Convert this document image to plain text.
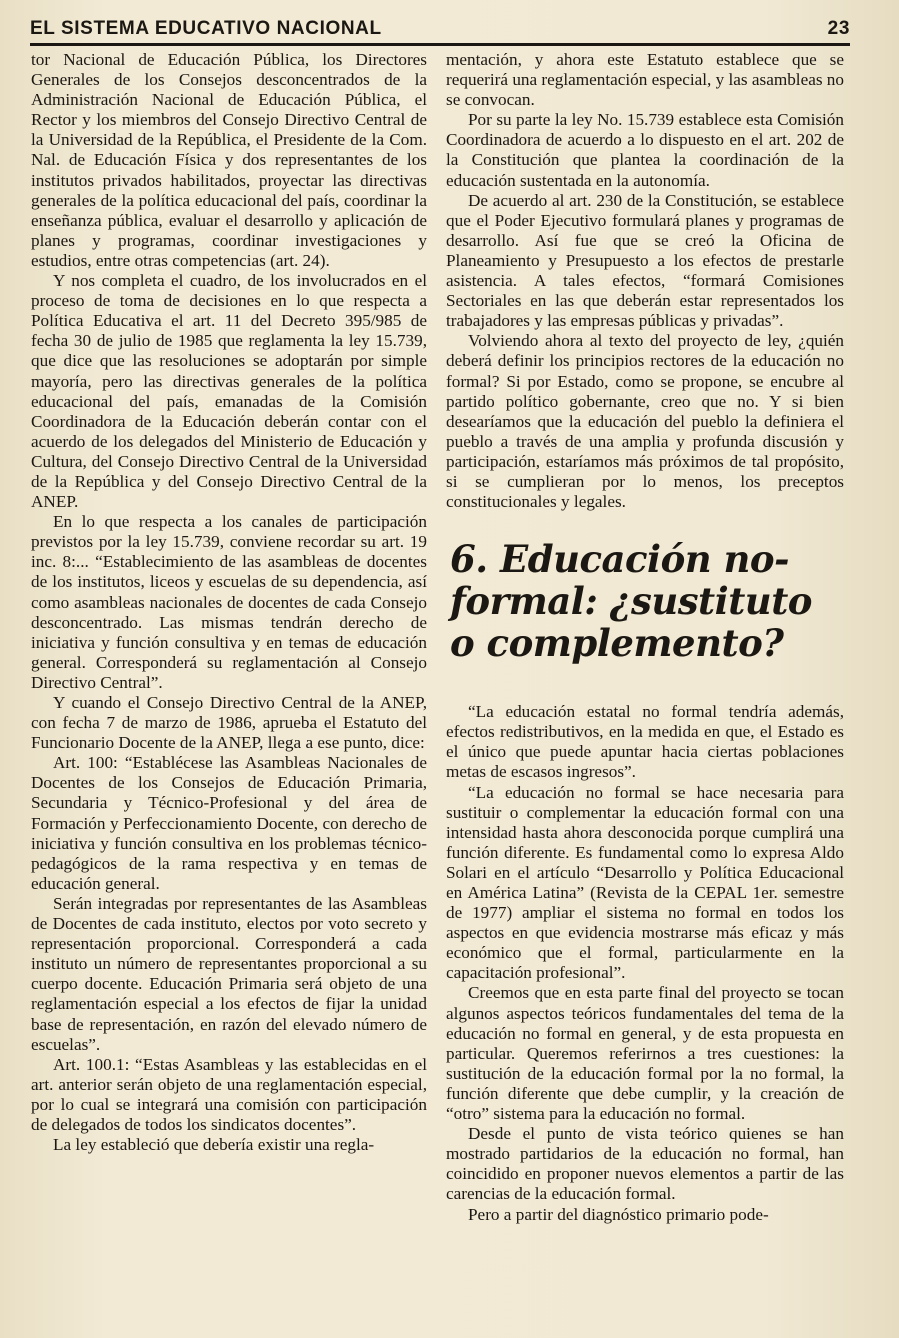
EL SISTEMA EDUCATIVO NACIONAL	23

tor Nacional de Educación Pública, los Directores Generales de los Consejos desconcentrados de la Administración Nacional de Educación Pública, el Rector y los miembros del Consejo Directivo Central de la Universidad de la República, el Presidente de la Com. Nal. de Educación Física y dos representantes de los institutos privados habilitados, proyectar las directivas generales de la política educacional del país, coordinar la enseñanza pública, evaluar el desarrollo y aplicación de planes y programas, coordinar investigaciones y estudios, entre otras competencias (art. 24).

Y nos completa el cuadro, de los involucrados en el proceso de toma de decisiones en lo que respecta a Política Educativa el art. 11 del Decreto 395/985 de fecha 30 de julio de 1985 que reglamenta la ley 15.739, que dice que las resoluciones se adoptarán por simple mayoría, pero las directivas generales de la política educacional del país, emanadas de la Comisión Coordinadora de la Educación deberán contar con el acuerdo de los delegados del Ministerio de Educación y Cultura, del Consejo Directivo Central de la Universidad de la República y del Consejo Directivo Central de la ANEP.

En lo que respecta a los canales de participación previstos por la ley 15.739, conviene recordar su art. 19 inc. 8:... “Establecimiento de las asambleas de docentes de los institutos, liceos y escuelas de su dependencia, así como asambleas nacionales de docentes de cada Consejo desconcentrado. Las mismas tendrán derecho de iniciativa y función consultiva y en temas de educación general. Corresponderá su reglamentación al Consejo Directivo Central”.

Y cuando el Consejo Directivo Central de la ANEP, con fecha 7 de marzo de 1986, aprueba el Estatuto del Funcionario Docente de la ANEP, llega a ese punto, dice:

Art. 100: “Establécese las Asambleas Nacionales de Docentes de los Consejos de Educación Primaria, Secundaria y Técnico-Profesional y del área de Formación y Perfeccionamiento Docente, con derecho de iniciativa y función consultiva en los problemas técnico-pedagógicos de la rama respectiva y en temas de educación general.

Serán integradas por representantes de las Asambleas de Docentes de cada instituto, electos por voto secreto y representación proporcional. Corresponderá a cada instituto un número de representantes proporcional a su cuerpo docente. Educación Primaria será objeto de una reglamentación especial a los efectos de fijar la unidad base de representación, en razón del elevado número de escuelas”.

Art. 100.1: “Estas Asambleas y las establecidas en el art. anterior serán objeto de una reglamentación especial, por lo cual se integrará una comisión con participación de delegados de todos los sindicatos docentes”.

La ley estableció que debería existir una regla-

mentación, y ahora este Estatuto establece que se requerirá una reglamentación especial, y las asambleas no se convocan.

Por su parte la ley No. 15.739 establece esta Comisión Coordinadora de acuerdo a lo dispuesto en el art. 202 de la Constitución que plantea la coordinación de la educación sustentada en la autonomía.

De acuerdo al art. 230 de la Constitución, se establece que el Poder Ejecutivo formulará planes y programas de desarrollo. Así fue que se creó la Oficina de Planeamiento y Presupuesto a los efectos de prestarle asistencia. A tales efectos, “formará Comisiones Sectoriales en las que deberán estar representados los trabajadores y las empresas públicas y privadas”.

Volviendo ahora al texto del proyecto de ley, ¿quién deberá definir los principios rectores de la educación no formal? Si por Estado, como se propone, se encubre al partido político gobernante, creo que no. Y si bien desearíamos que la educación del pueblo la definiera el pueblo a través de una amplia y profunda discusión y participación, estaríamos más próximos de tal propósito, si se cumplieran por lo menos, los preceptos constitucionales y legales.

6. Educación no-formal: ¿sustituto o complemento?

“La educación estatal no formal tendría además, efectos redistributivos, en la medida en que, el Estado es el único que puede apuntar hacia ciertas poblaciones metas de escasos ingresos”.

“La educación no formal se hace necesaria para sustituir o complementar la educación formal con una intensidad hasta ahora desconocida porque cumplirá una función diferente. Es fundamental como lo expresa Aldo Solari en el artículo “Desarrollo y Política Educacional en América Latina” (Revista de la CEPAL 1er. semestre de 1977) ampliar el sistema no formal en todos los aspectos en que evidencia mostrarse más eficaz y más económico que el formal, particularmente en la capacitación profesional”.

Creemos que en esta parte final del proyecto se tocan algunos aspectos teóricos fundamentales del tema de la educación no formal en general, y de esta propuesta en particular. Queremos referirnos a tres cuestiones: la sustitución de la educación formal por la no formal, la función diferente que debe cumplir, y la creación de “otro” sistema para la educación no formal.

Desde el punto de vista teórico quienes se han mostrado partidarios de la educación no formal, han coincidido en proponer nuevos elementos a partir de las carencias de la educación formal.

Pero a partir del diagnóstico primario pode-
